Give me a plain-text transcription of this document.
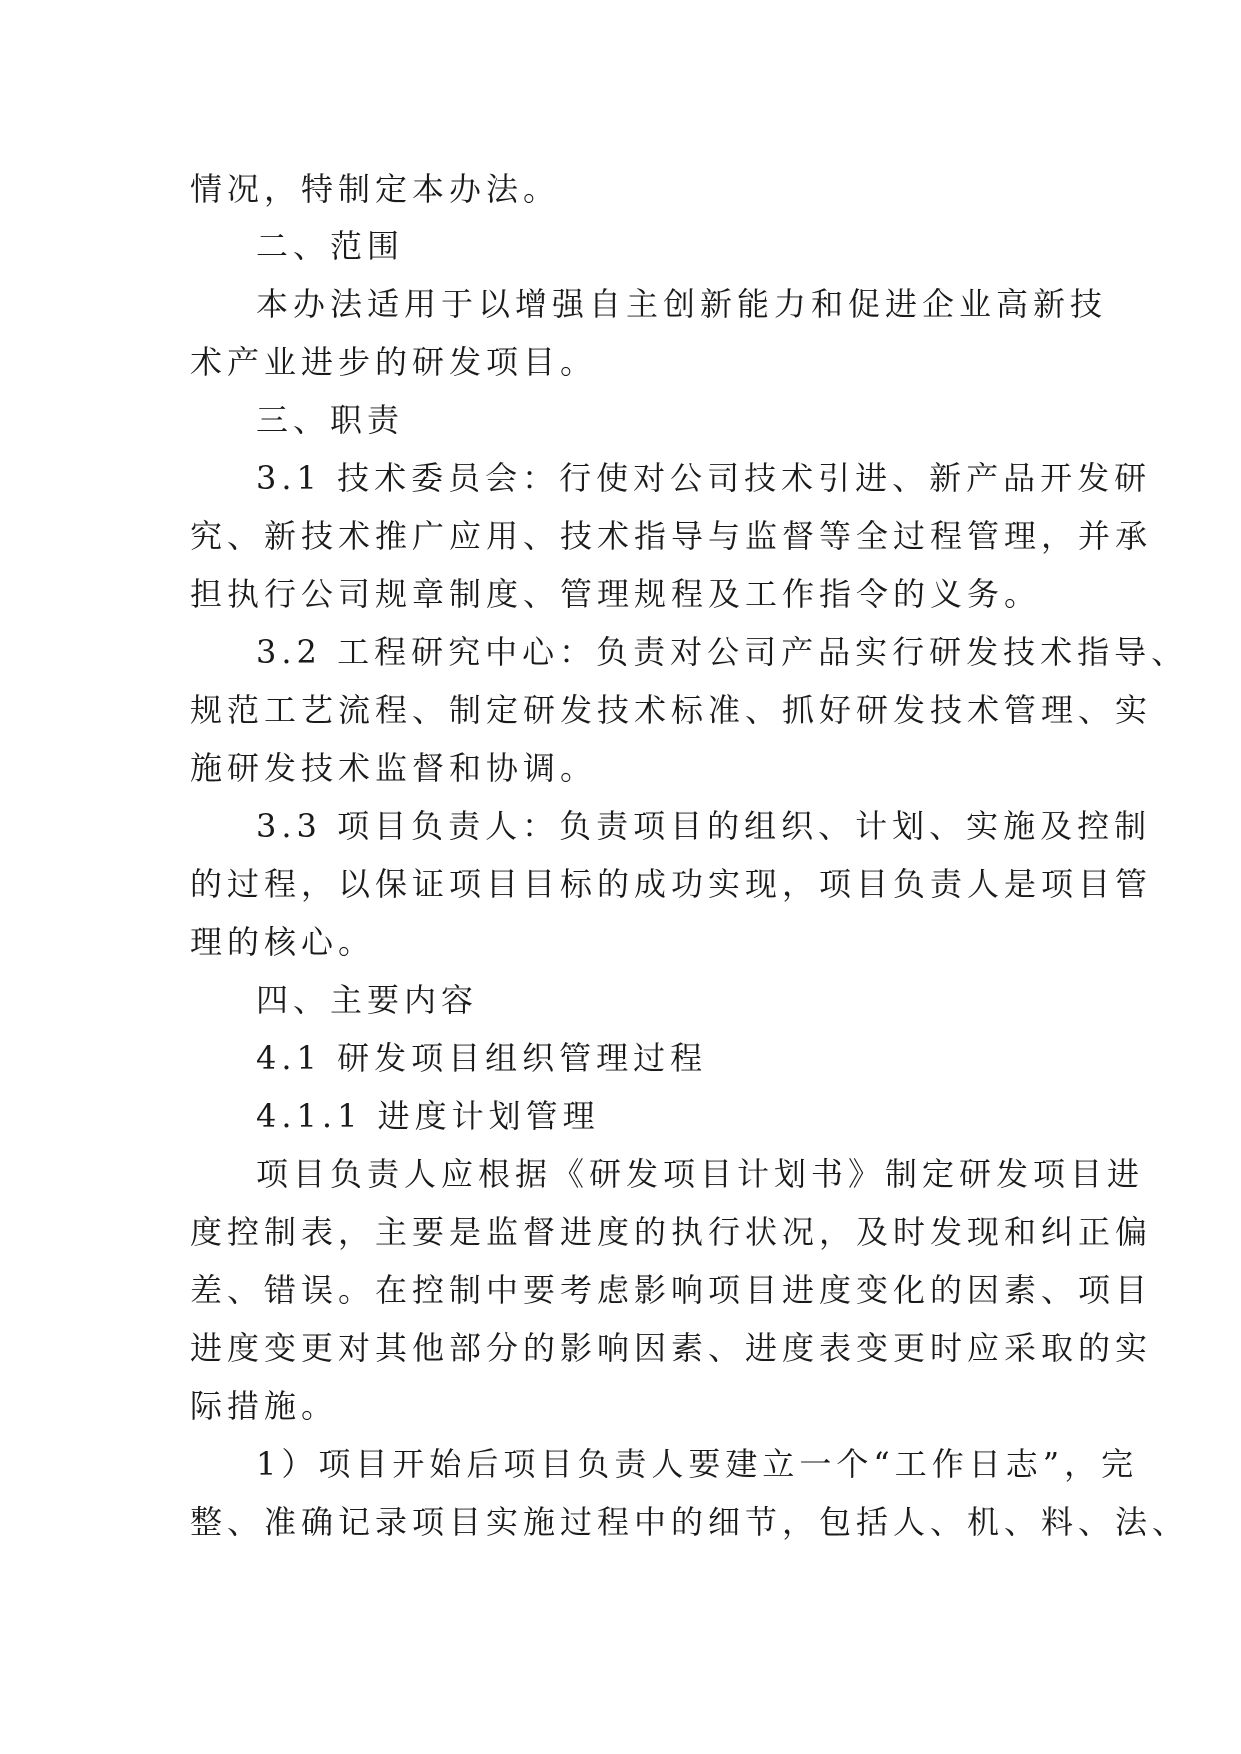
情况，特制定本办法。
二、范围
本办法适用于以增强自主创新能力和促进企业高新技
术产业进步的研发项目。
三、职责
3.1 技术委员会：行使对公司技术引进、新产品开发研
究、新技术推广应用、技术指导与监督等全过程管理，并承
担执行公司规章制度、管理规程及工作指令的义务。
3.2 工程研究中心：负责对公司产品实行研发技术指导、
规范工艺流程、制定研发技术标准、抓好研发技术管理、实
施研发技术监督和协调。
3.3 项目负责人：负责项目的组织、计划、实施及控制
的过程，以保证项目目标的成功实现，项目负责人是项目管
理的核心。
四、主要内容
4.1 研发项目组织管理过程
4.1.1 进度计划管理
项目负责人应根据《研发项目计划书》制定研发项目进
度控制表，主要是监督进度的执行状况，及时发现和纠正偏
差、错误。在控制中要考虑影响项目进度变化的因素、项目
进度变更对其他部分的影响因素、进度表变更时应采取的实
际措施。
1）项目开始后项目负责人要建立一个“工作日志”，完
整、准确记录项目实施过程中的细节，包括人、机、料、法、
